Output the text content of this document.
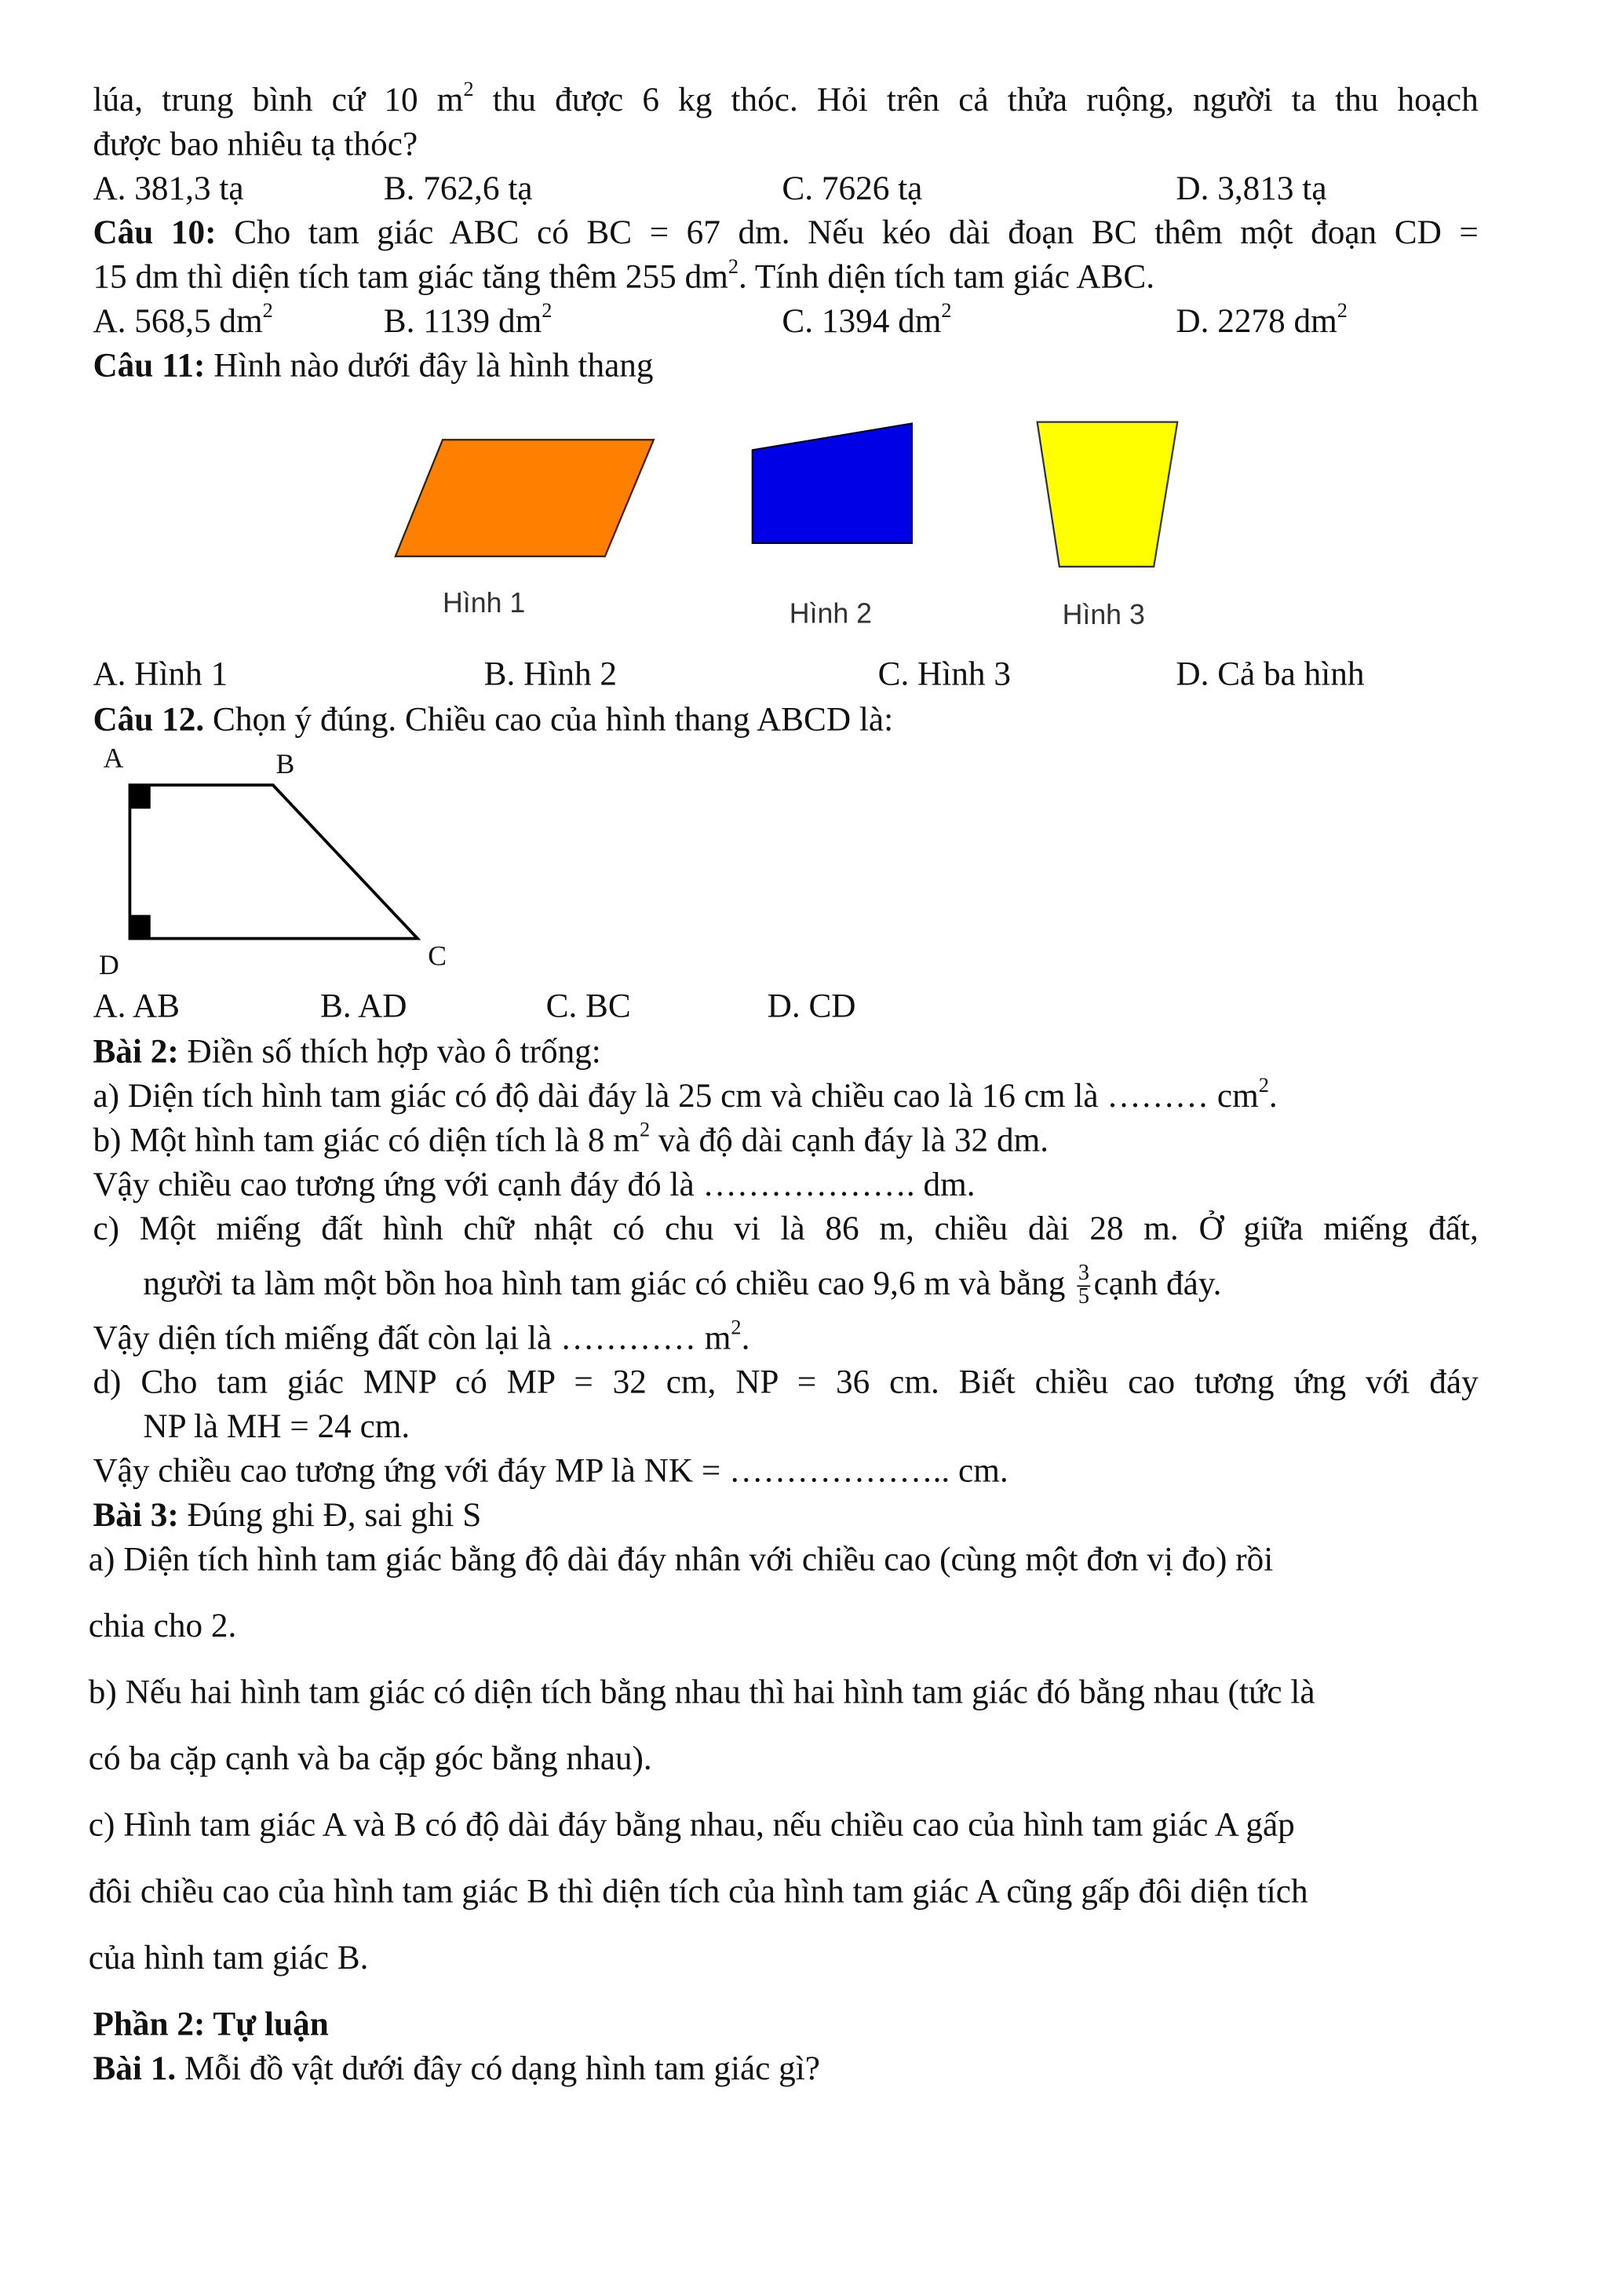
lúa, trung bình cứ 10 $m^2$ thu được 6 kg thóc. Hỏi trên cả thửa ruộng, người ta thu hoạch
được bao nhiêu tạ thóc?
A. 381,3 tạ	B. 762,6 tạ	C. 7626 tạ	D. 3,813 tạ
Câu 10: Cho tam giác ABC có BC = 67 dm. Nếu kéo dài đoạn BC thêm một đoạn CD =
15 dm thì diện tích tam giác tăng thêm 255 $dm^2$. Tính diện tích tam giác ABC.
A. 568,5 $dm^2$	B. 1139 $dm^2$	C. 1394 $dm^2$	D. 2278 $dm^2$
Câu 11: Hình nào dưới đây là hình thang
Hình 1	Hình 2	Hình 3
A. Hình 1	B. Hình 2	C. Hình 3	D. Cả ba hình
Câu 12. Chọn ý đúng. Chiều cao của hình thang ABCD là:
A	B
C
D
A. AB	B. AD	C. BC	D. CD
Bài 2: Điền số thích hợp vào ô trống:
a) Diện tích hình tam giác có độ dài đáy là 25 cm và chiều cao là 16 cm là ……… $cm^2$.
b) Một hình tam giác có diện tích là 8 $m^2$ và độ dài cạnh đáy là 32 dm.
Vậy chiều cao tương ứng với cạnh đáy đó là ………………. dm.
c) Một miếng đất hình chữ nhật có chu vi là 86 m, chiều dài 28 m. Ở giữa miếng đất,
người ta làm một bồn hoa hình tam giác có chiều cao 9,6 m và bằng $\frac{3}{5}$ cạnh đáy.
Vậy diện tích miếng đất còn lại là ………… $m^2$.
d) Cho tam giác MNP có MP = 32 cm, NP = 36 cm. Biết chiều cao tương ứng với đáy
NP là MH = 24 cm.
Vậy chiều cao tương ứng với đáy MP là NK = ……………….. cm.
Bài 3: Đúng ghi Đ, sai ghi S
a) Diện tích hình tam giác bằng độ dài đáy nhân với chiều cao (cùng một đơn vị đo) rồi
chia cho 2.
b) Nếu hai hình tam giác có diện tích bằng nhau thì hai hình tam giác đó bằng nhau (tức là
có ba cặp cạnh và ba cặp góc bằng nhau).
c) Hình tam giác A và B có độ dài đáy bằng nhau, nếu chiều cao của hình tam giác A gấp
đôi chiều cao của hình tam giác B thì diện tích của hình tam giác A cũng gấp đôi diện tích
của hình tam giác B.
Phần 2: Tự luận
Bài 1. Mỗi đồ vật dưới đây có dạng hình tam giác gì?
